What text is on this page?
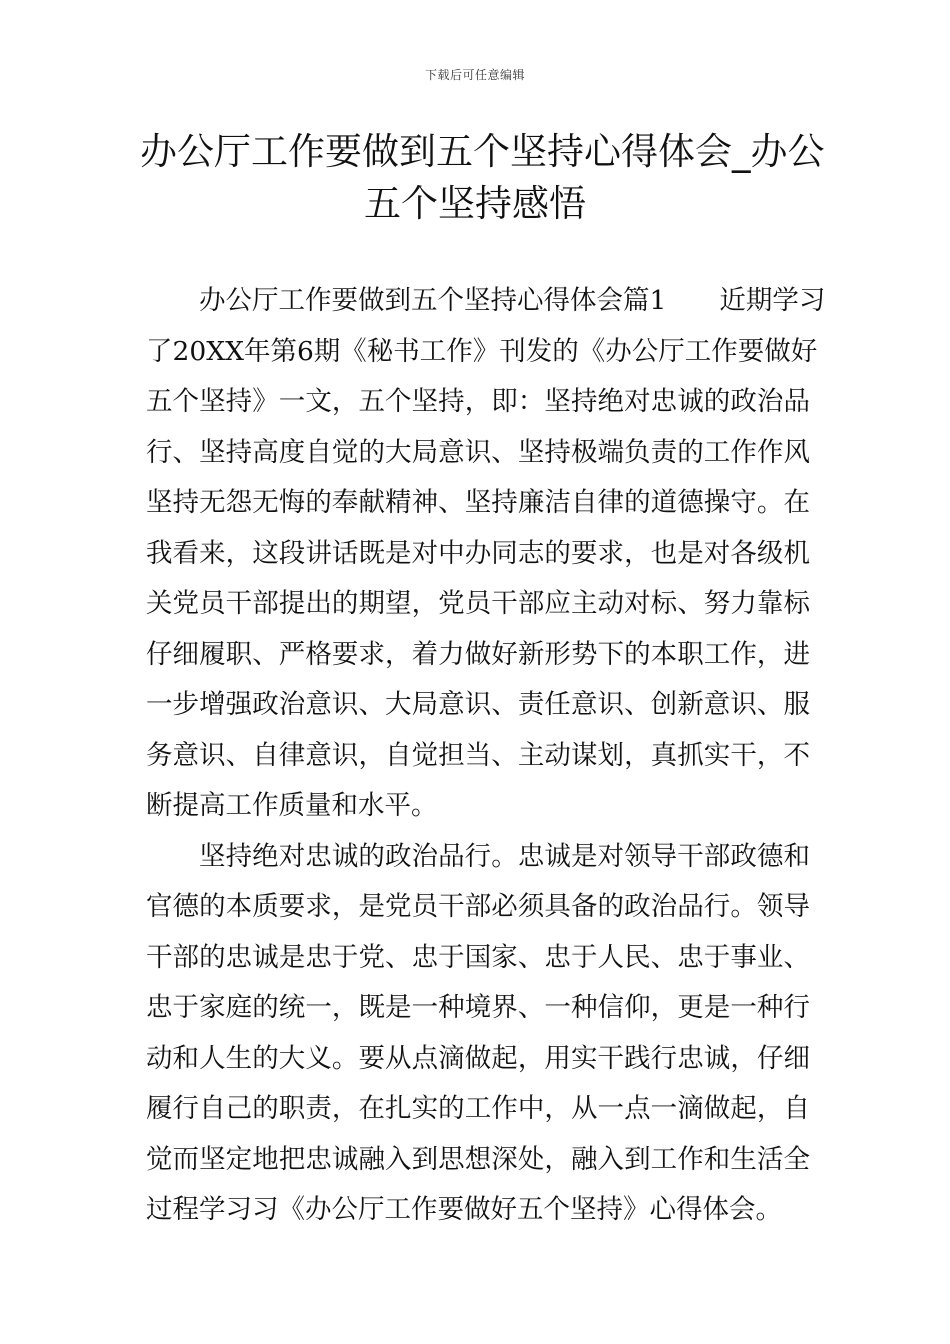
下载后可任意编辑
办公厅工作要做到五个坚持心得体会_办公
五个坚持感悟
办公厅工作要做到五个坚持心得体会篇1　　近期学习
了20XX年第6期《秘书工作》刊发的《办公厅工作要做好
五个坚持》一文，五个坚持，即：坚持绝对忠诚的政治品
行、坚持高度自觉的大局意识、坚持极端负责的工作作风
坚持无怨无悔的奉献精神、坚持廉洁自律的道德操守。在
我看来，这段讲话既是对中办同志的要求，也是对各级机
关党员干部提出的期望，党员干部应主动对标、努力靠标
仔细履职、严格要求，着力做好新形势下的本职工作，进
一步增强政治意识、大局意识、责任意识、创新意识、服
务意识、自律意识，自觉担当、主动谋划，真抓实干，不
断提高工作质量和水平。
坚持绝对忠诚的政治品行。忠诚是对领导干部政德和
官德的本质要求，是党员干部必须具备的政治品行。领导
干部的忠诚是忠于党、忠于国家、忠于人民、忠于事业、
忠于家庭的统一，既是一种境界、一种信仰，更是一种行
动和人生的大义。要从点滴做起，用实干践行忠诚，仔细
履行自己的职责，在扎实的工作中，从一点一滴做起，自
觉而坚定地把忠诚融入到思想深处，融入到工作和生活全
过程学习习《办公厅工作要做好五个坚持》心得体会。
